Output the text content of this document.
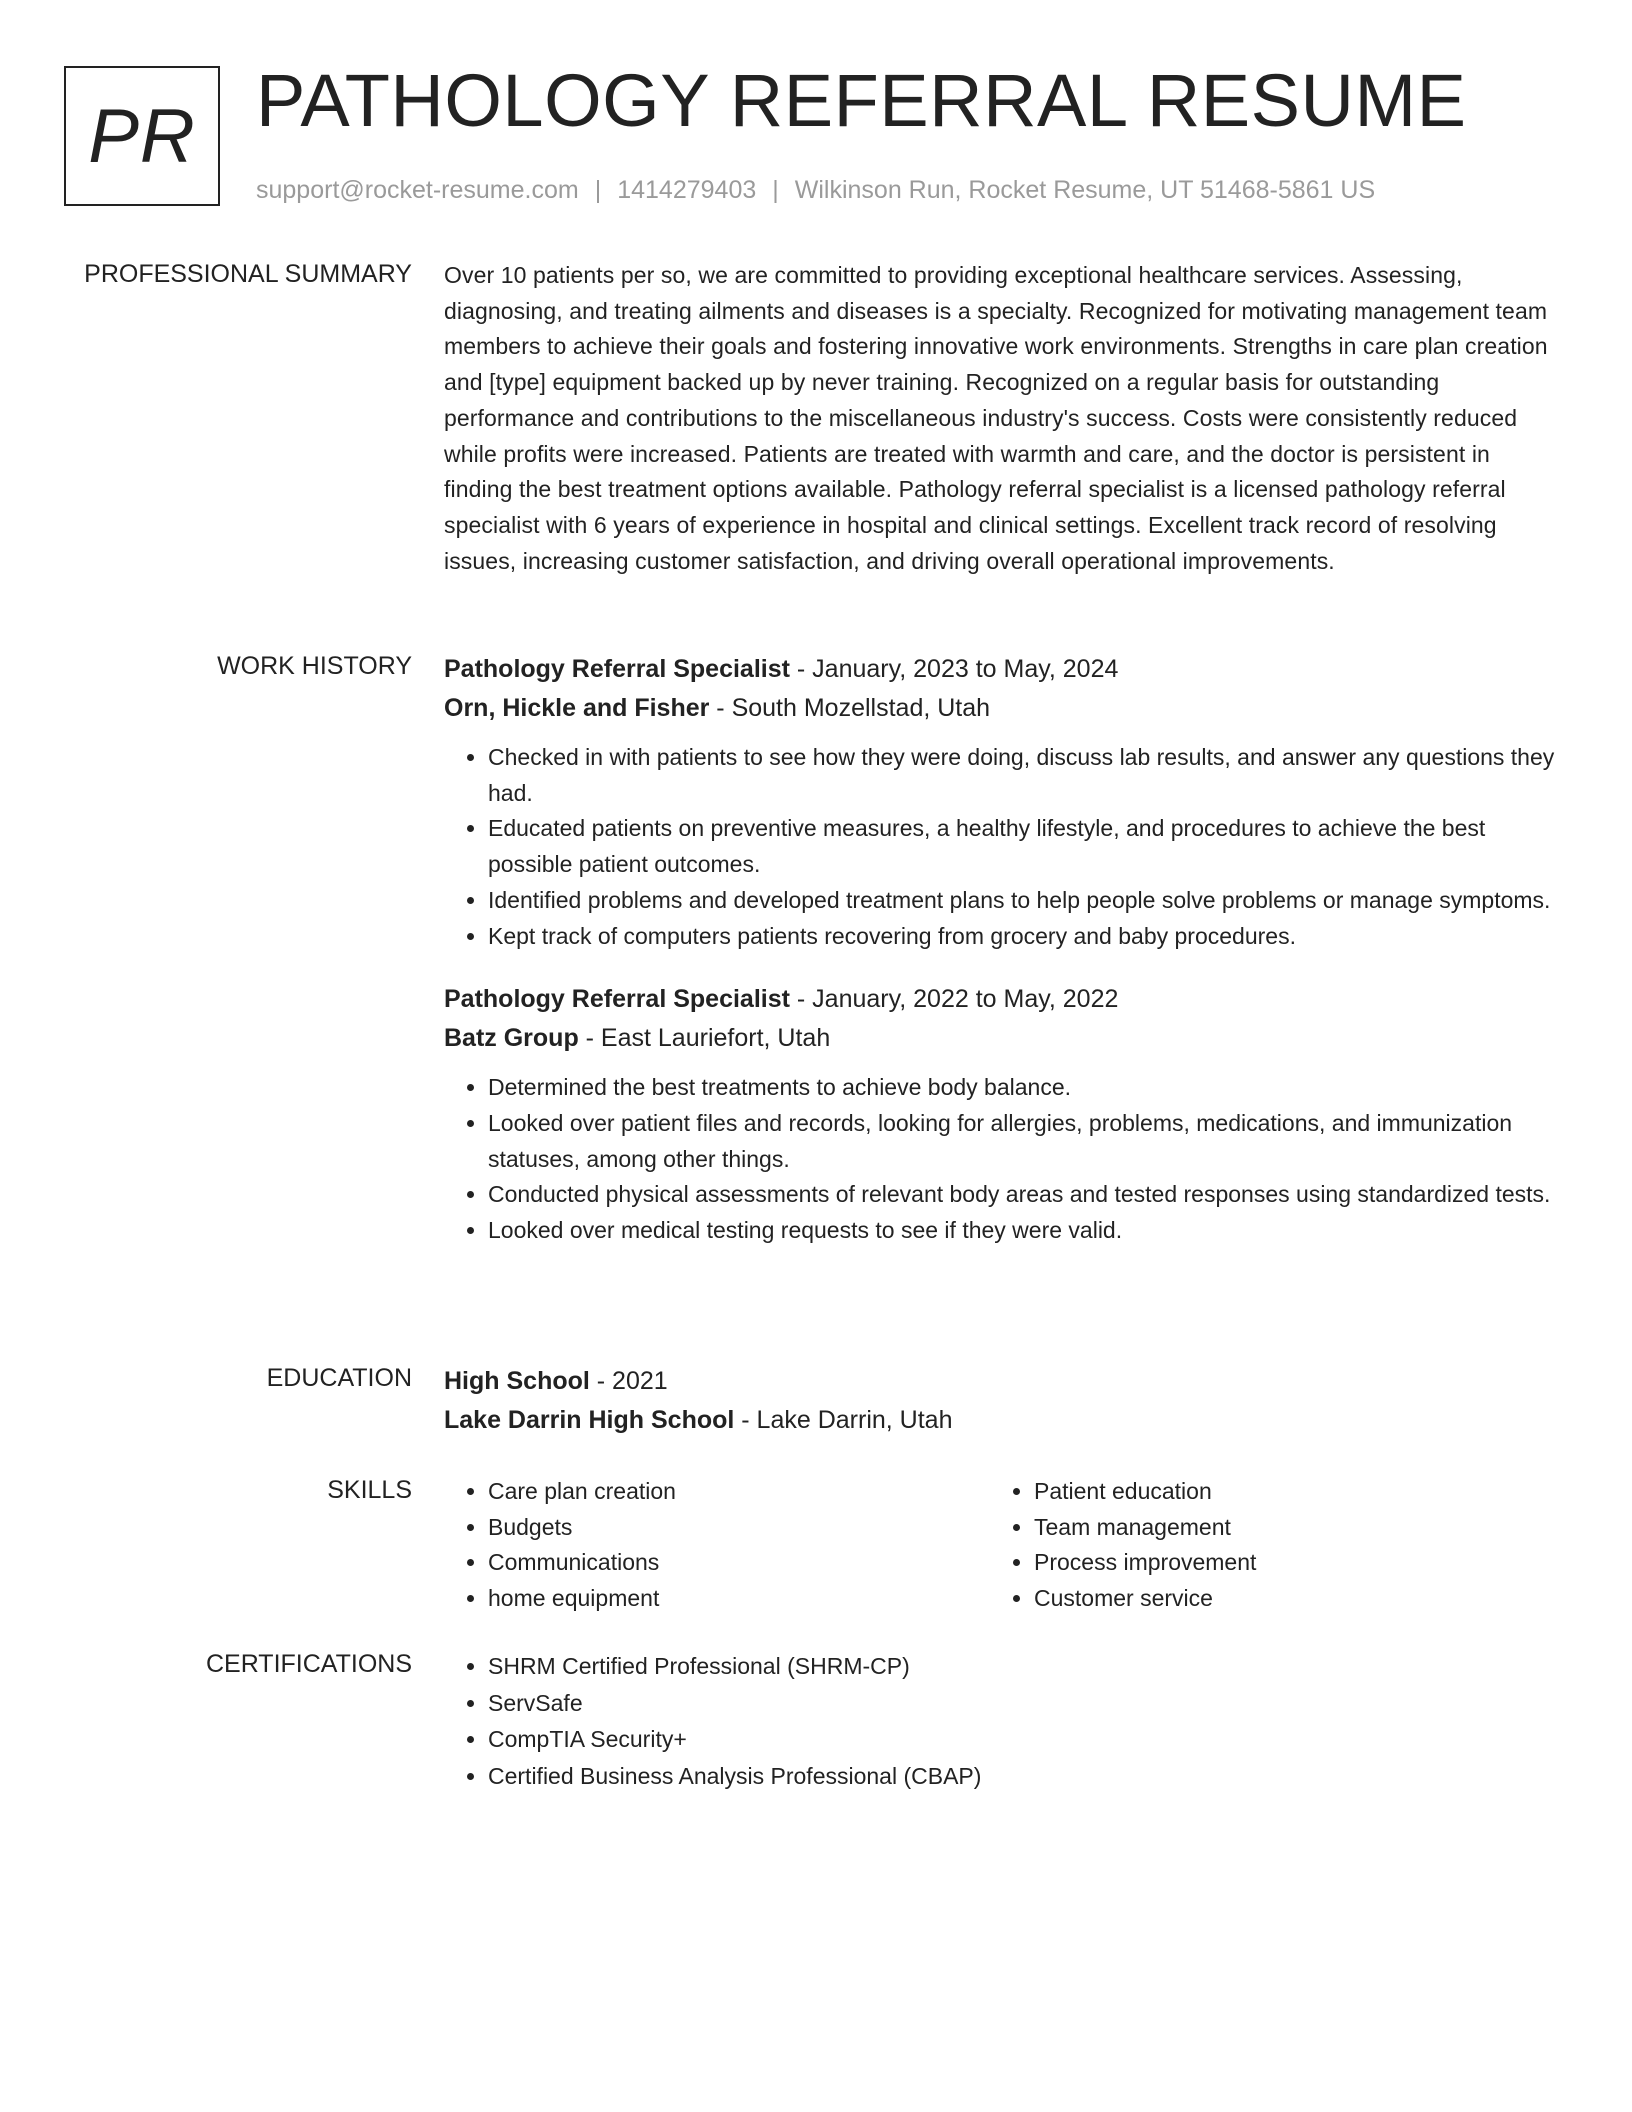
PR PATHOLOGY REFERRAL RESUME
support@rocket-resume.com | 1414279403 | Wilkinson Run, Rocket Resume, UT 51468-5861 US
PROFESSIONAL SUMMARY Over 10 patients per so, we are committed to providing exceptional healthcare services. Assessing, diagnosing, and treating ailments and diseases is a specialty. Recognized for motivating management team members to achieve their goals and fostering innovative work environments. Strengths in care plan creation and [type] equipment backed up by never training. Recognized on a regular basis for outstanding performance and contributions to the miscellaneous industry's success. Costs were consistently reduced while profits were increased. Patients are treated with warmth and care, and the doctor is persistent in finding the best treatment options available. Pathology referral specialist is a licensed pathology referral specialist with 6 years of experience in hospital and clinical settings. Excellent track record of resolving issues, increasing customer satisfaction, and driving overall operational improvements.

WORK HISTORY Pathology Referral Specialist - January, 2023 to May, 2024
Orn, Hickle and Fisher - South Mozellstad, Utah
• Checked in with patients to see how they were doing, discuss lab results, and answer any questions they had.
• Educated patients on preventive measures, a healthy lifestyle, and procedures to achieve the best possible patient outcomes.
• Identified problems and developed treatment plans to help people solve problems or manage symptoms.
• Kept track of computers patients recovering from grocery and baby procedures.
Pathology Referral Specialist - January, 2022 to May, 2022
Batz Group - East Lauriefort, Utah
• Determined the best treatments to achieve body balance.
• Looked over patient files and records, looking for allergies, problems, medications, and immunization statuses, among other things.
• Conducted physical assessments of relevant body areas and tested responses using standardized tests.
• Looked over medical testing requests to see if they were valid.
EDUCATION High School - 2021
Lake Darrin High School - Lake Darrin, Utah
SKILLS	• Care plan creation
• Budgets
• Communications
• home equipment
• Patient education
• Team management
• Process improvement
• Customer service
CERTIFICATIONS	• SHRM Certified Professional (SHRM-CP)
• ServSafe
• CompTIA Security+
• Certified Business Analysis Professional (CBAP)
